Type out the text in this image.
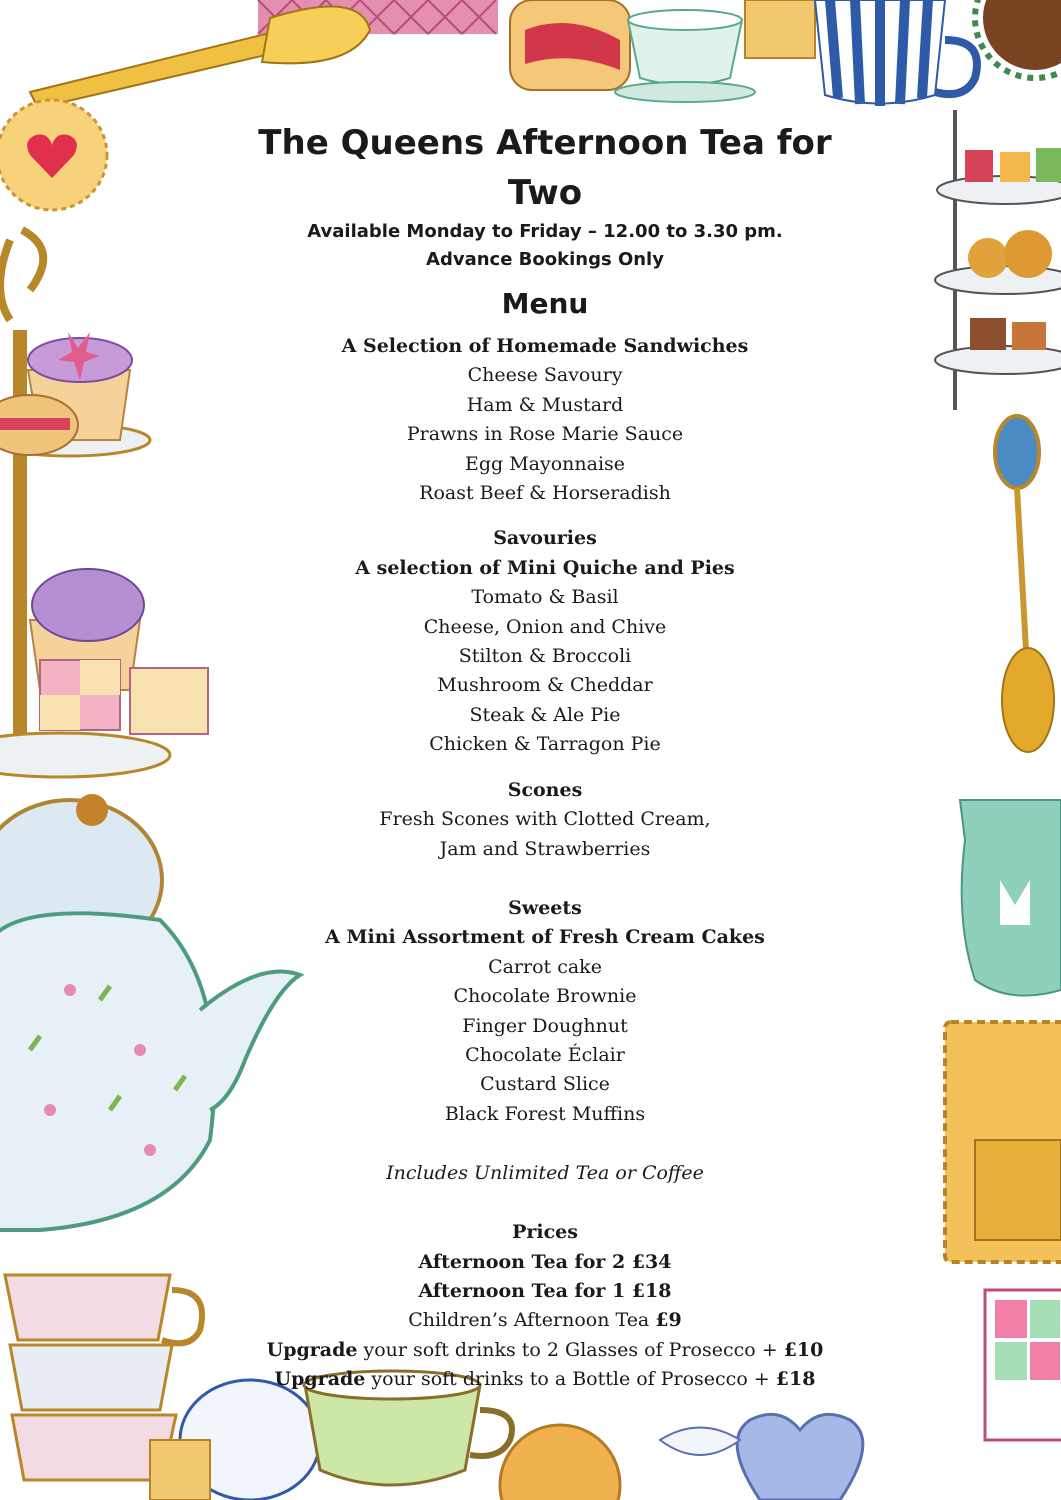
The Queens Afternoon Tea for Two

Available Monday to Friday – 12.00 to 3.30 pm.

Advance Bookings Only

Menu
A Selection of Homemade Sandwiches
Cheese Savoury
Ham & Mustard
Prawns in Rose Marie Sauce
Egg Mayonnaise
Roast Beef & Horseradish
Savouries
A selection of Mini Quiche and Pies
Tomato & Basil
Cheese, Onion and Chive
Stilton & Broccoli
Mushroom & Cheddar
Steak & Ale Pie
Chicken & Tarragon Pie
Scones
Fresh Scones with Clotted Cream,
Jam and Strawberries
Sweets
A Mini Assortment of Fresh Cream Cakes
Carrot cake
Chocolate Brownie
Finger Doughnut
Chocolate Éclair
Custard Slice
Black Forest Muffins
Includes Unlimited Tea or Coffee
Prices
Afternoon Tea for 2 £34
Afternoon Tea for 1 £18
Children’s Afternoon Tea £9
Upgrade your soft drinks to 2 Glasses of Prosecco + £10
Upgrade your soft drinks to a Bottle of Prosecco + £18
